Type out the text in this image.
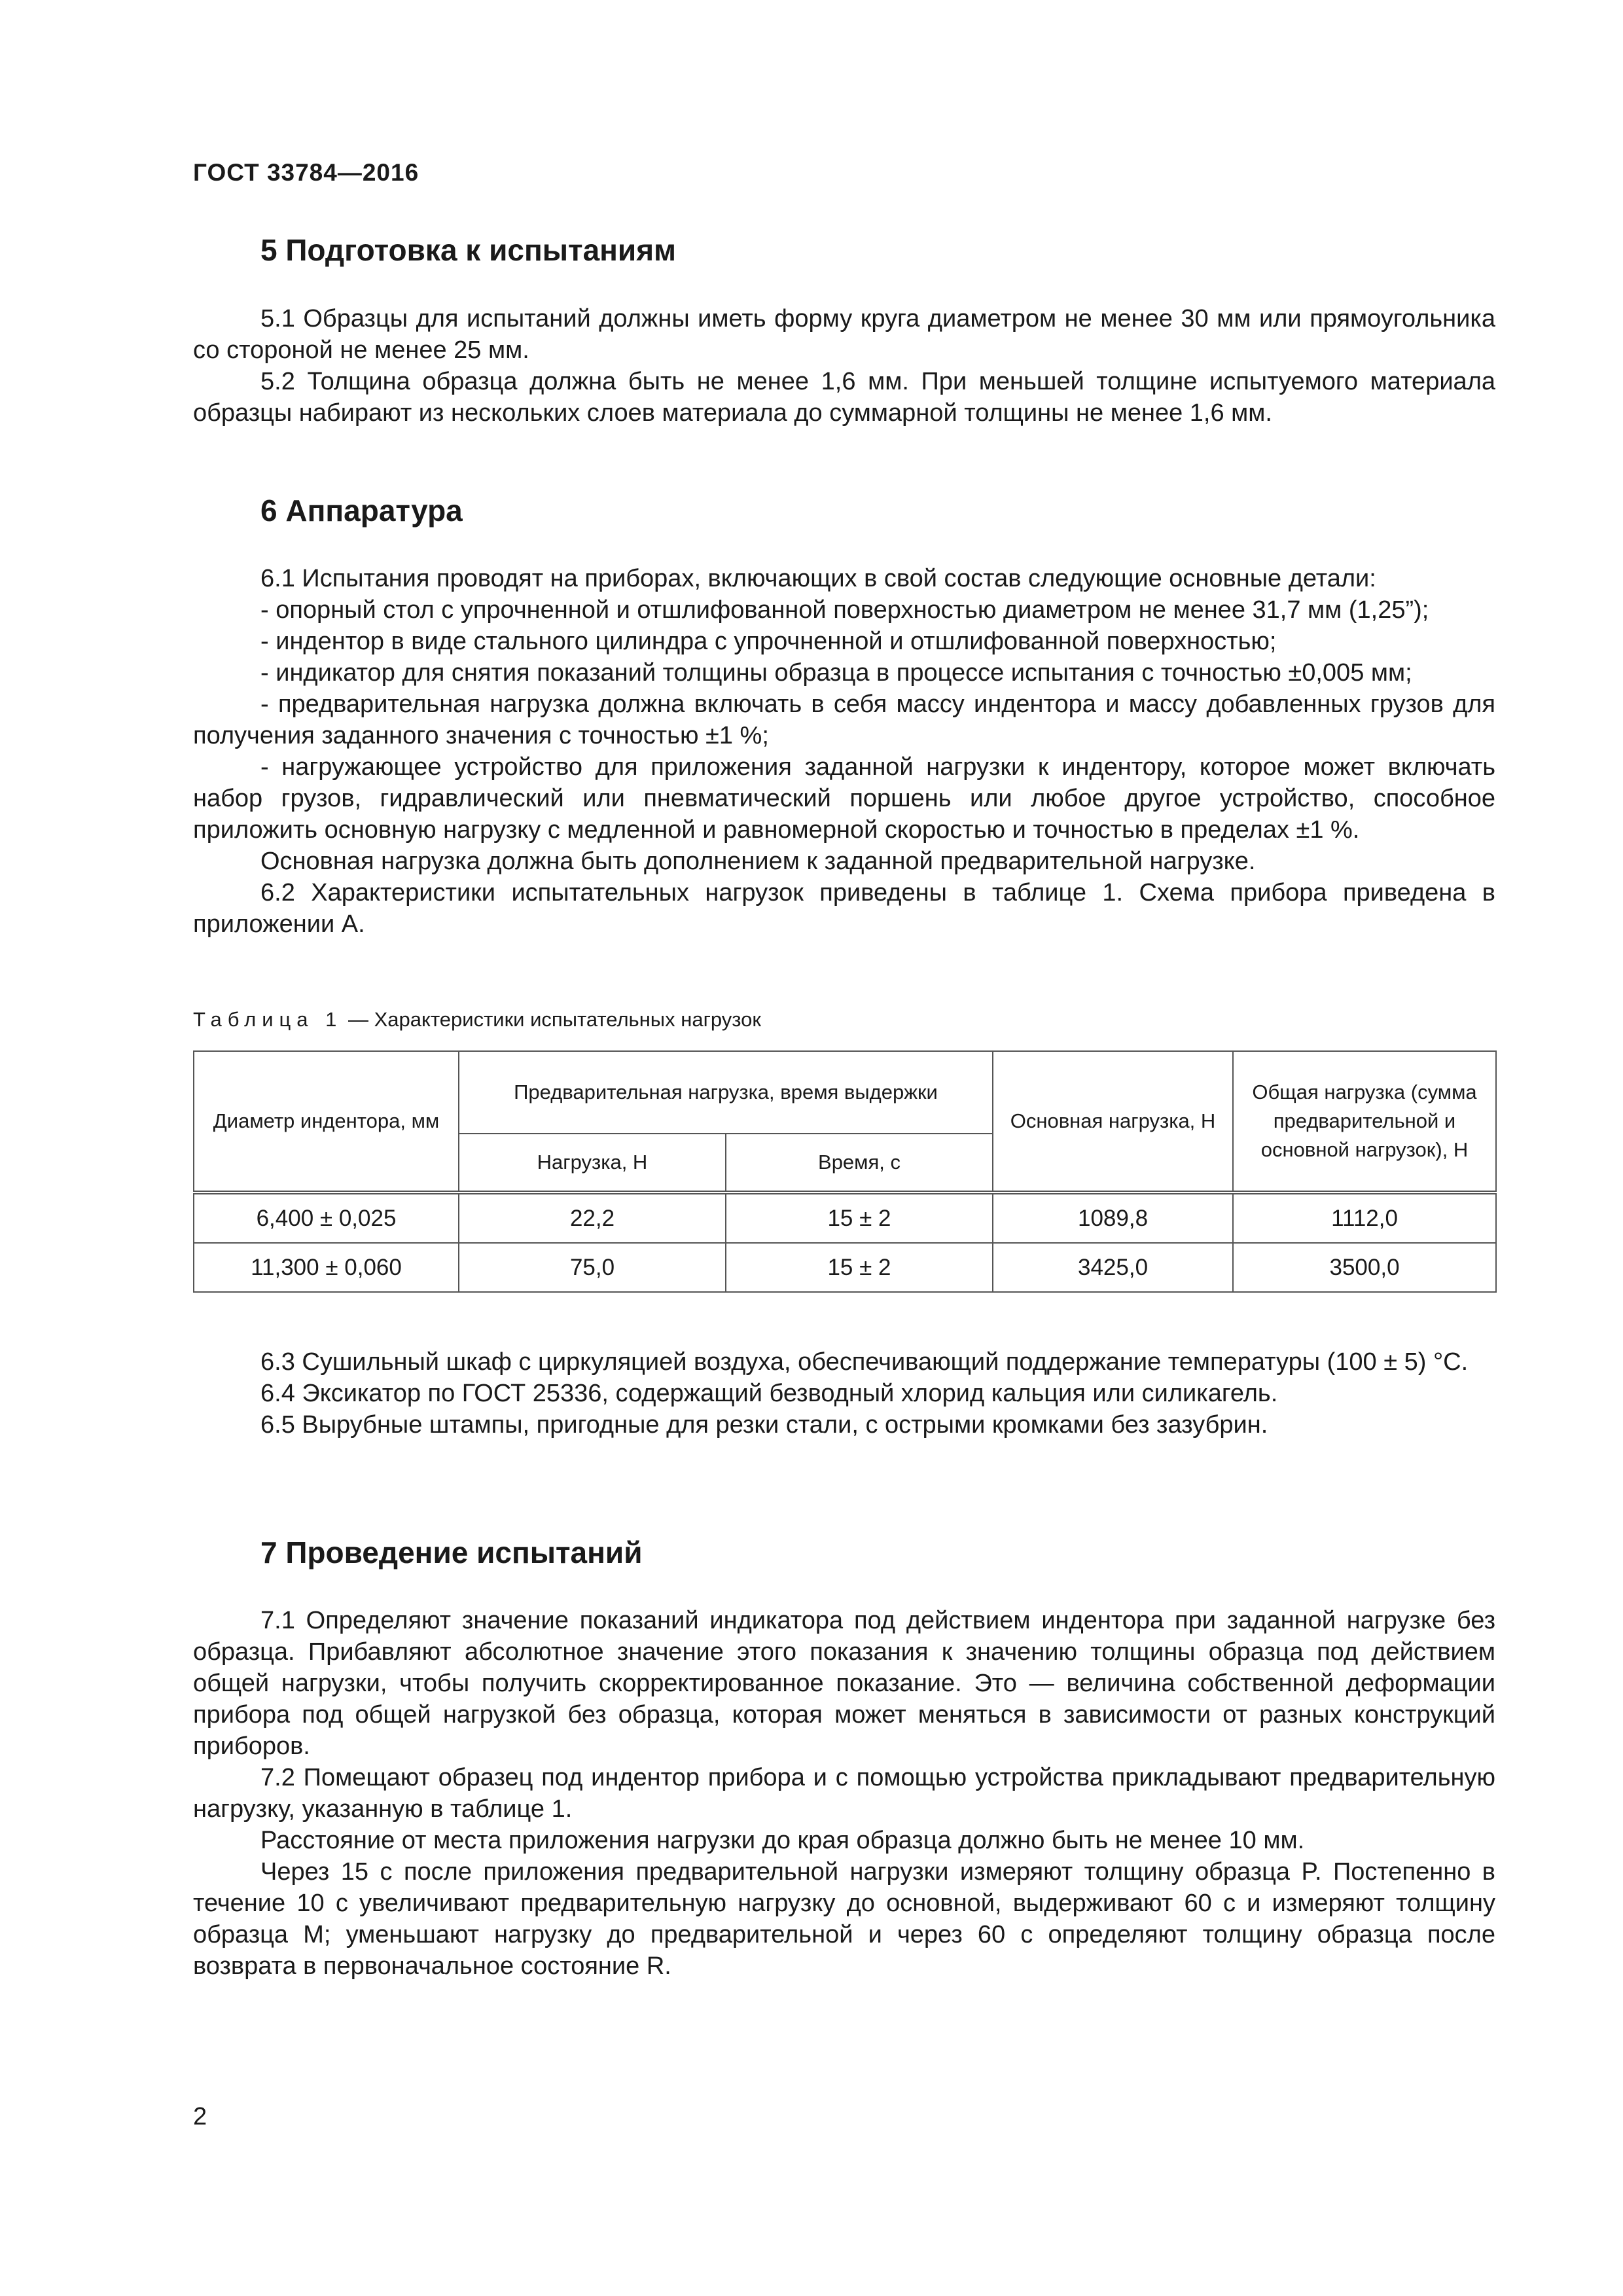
ГОСТ 33784—2016
5 Подготовка к испытаниям

5.1 Образцы для испытаний должны иметь форму круга диаметром не менее 30 мм или прямоугольника со стороной не менее 25 мм.

5.2 Толщина образца должна быть не менее 1,6 мм. При меньшей толщине испытуемого материала образцы набирают из нескольких слоев материала до суммарной толщины не менее 1,6 мм.

6 Аппаратура

6.1 Испытания проводят на приборах, включающих в свой состав следующие основные детали:

- опорный стол с упрочненной и отшлифованной поверхностью диаметром не менее 31,7 мм (1,25”);

- индентор в виде стального цилиндра с упрочненной и отшлифованной поверхностью;

- индикатор для снятия показаний толщины образца в процессе испытания с точностью ±0,005 мм;

- предварительная нагрузка должна включать в себя массу индентора и массу добавленных грузов для получения заданного значения с точностью ±1 %;

- нагружающее устройство для приложения заданной нагрузки к индентору, которое может включать набор грузов, гидравлический или пневматический поршень или любое другое устройство, способное приложить основную нагрузку с медленной и равномерной скоростью и точностью в пределах ±1 %.

Основная нагрузка должна быть дополнением к заданной предварительной нагрузке.

6.2 Характеристики испытательных нагрузок приведены в таблице 1. Схема прибора приведена в приложении А.

Таблица 1 — Характеристики испытательных нагрузок
Диаметр индентора, мм	Предварительная нагрузка, время выдержки		Основная нагрузка, Н	Общая нагрузка (сумма предварительной и основной нагрузок), Н
	Нагрузка, Н	Время, с		
6,400 ± 0,025	22,2	15 ± 2	1089,8	1112,0
11,300 ± 0,060	75,0	15 ± 2	3425,0	3500,0

6.3 Сушильный шкаф с циркуляцией воздуха, обеспечивающий поддержание температуры (100 ± 5) °С.

6.4 Эксикатор по ГОСТ 25336, содержащий безводный хлорид кальция или силикагель.

6.5 Вырубные штампы, пригодные для резки стали, с острыми кромками без зазубрин.

7 Проведение испытаний

7.1 Определяют значение показаний индикатора под действием индентора при заданной нагрузке без образца. Прибавляют абсолютное значение этого показания к значению толщины образца под действием общей нагрузки, чтобы получить скорректированное показание. Это — величина собственной деформации прибора под общей нагрузкой без образца, которая может меняться в зависимости от разных конструкций приборов.

7.2 Помещают образец под индентор прибора и с помощью устройства прикладывают предварительную нагрузку, указанную в таблице 1.

Расстояние от места приложения нагрузки до края образца должно быть не менее 10 мм.

Через 15 с после приложения предварительной нагрузки измеряют толщину образца P. Постепенно в течение 10 с увеличивают предварительную нагрузку до основной, выдерживают 60 с и измеряют толщину образца M; уменьшают нагрузку до предварительной и через 60 с определяют толщину образца после возврата в первоначальное состояние R.

2
